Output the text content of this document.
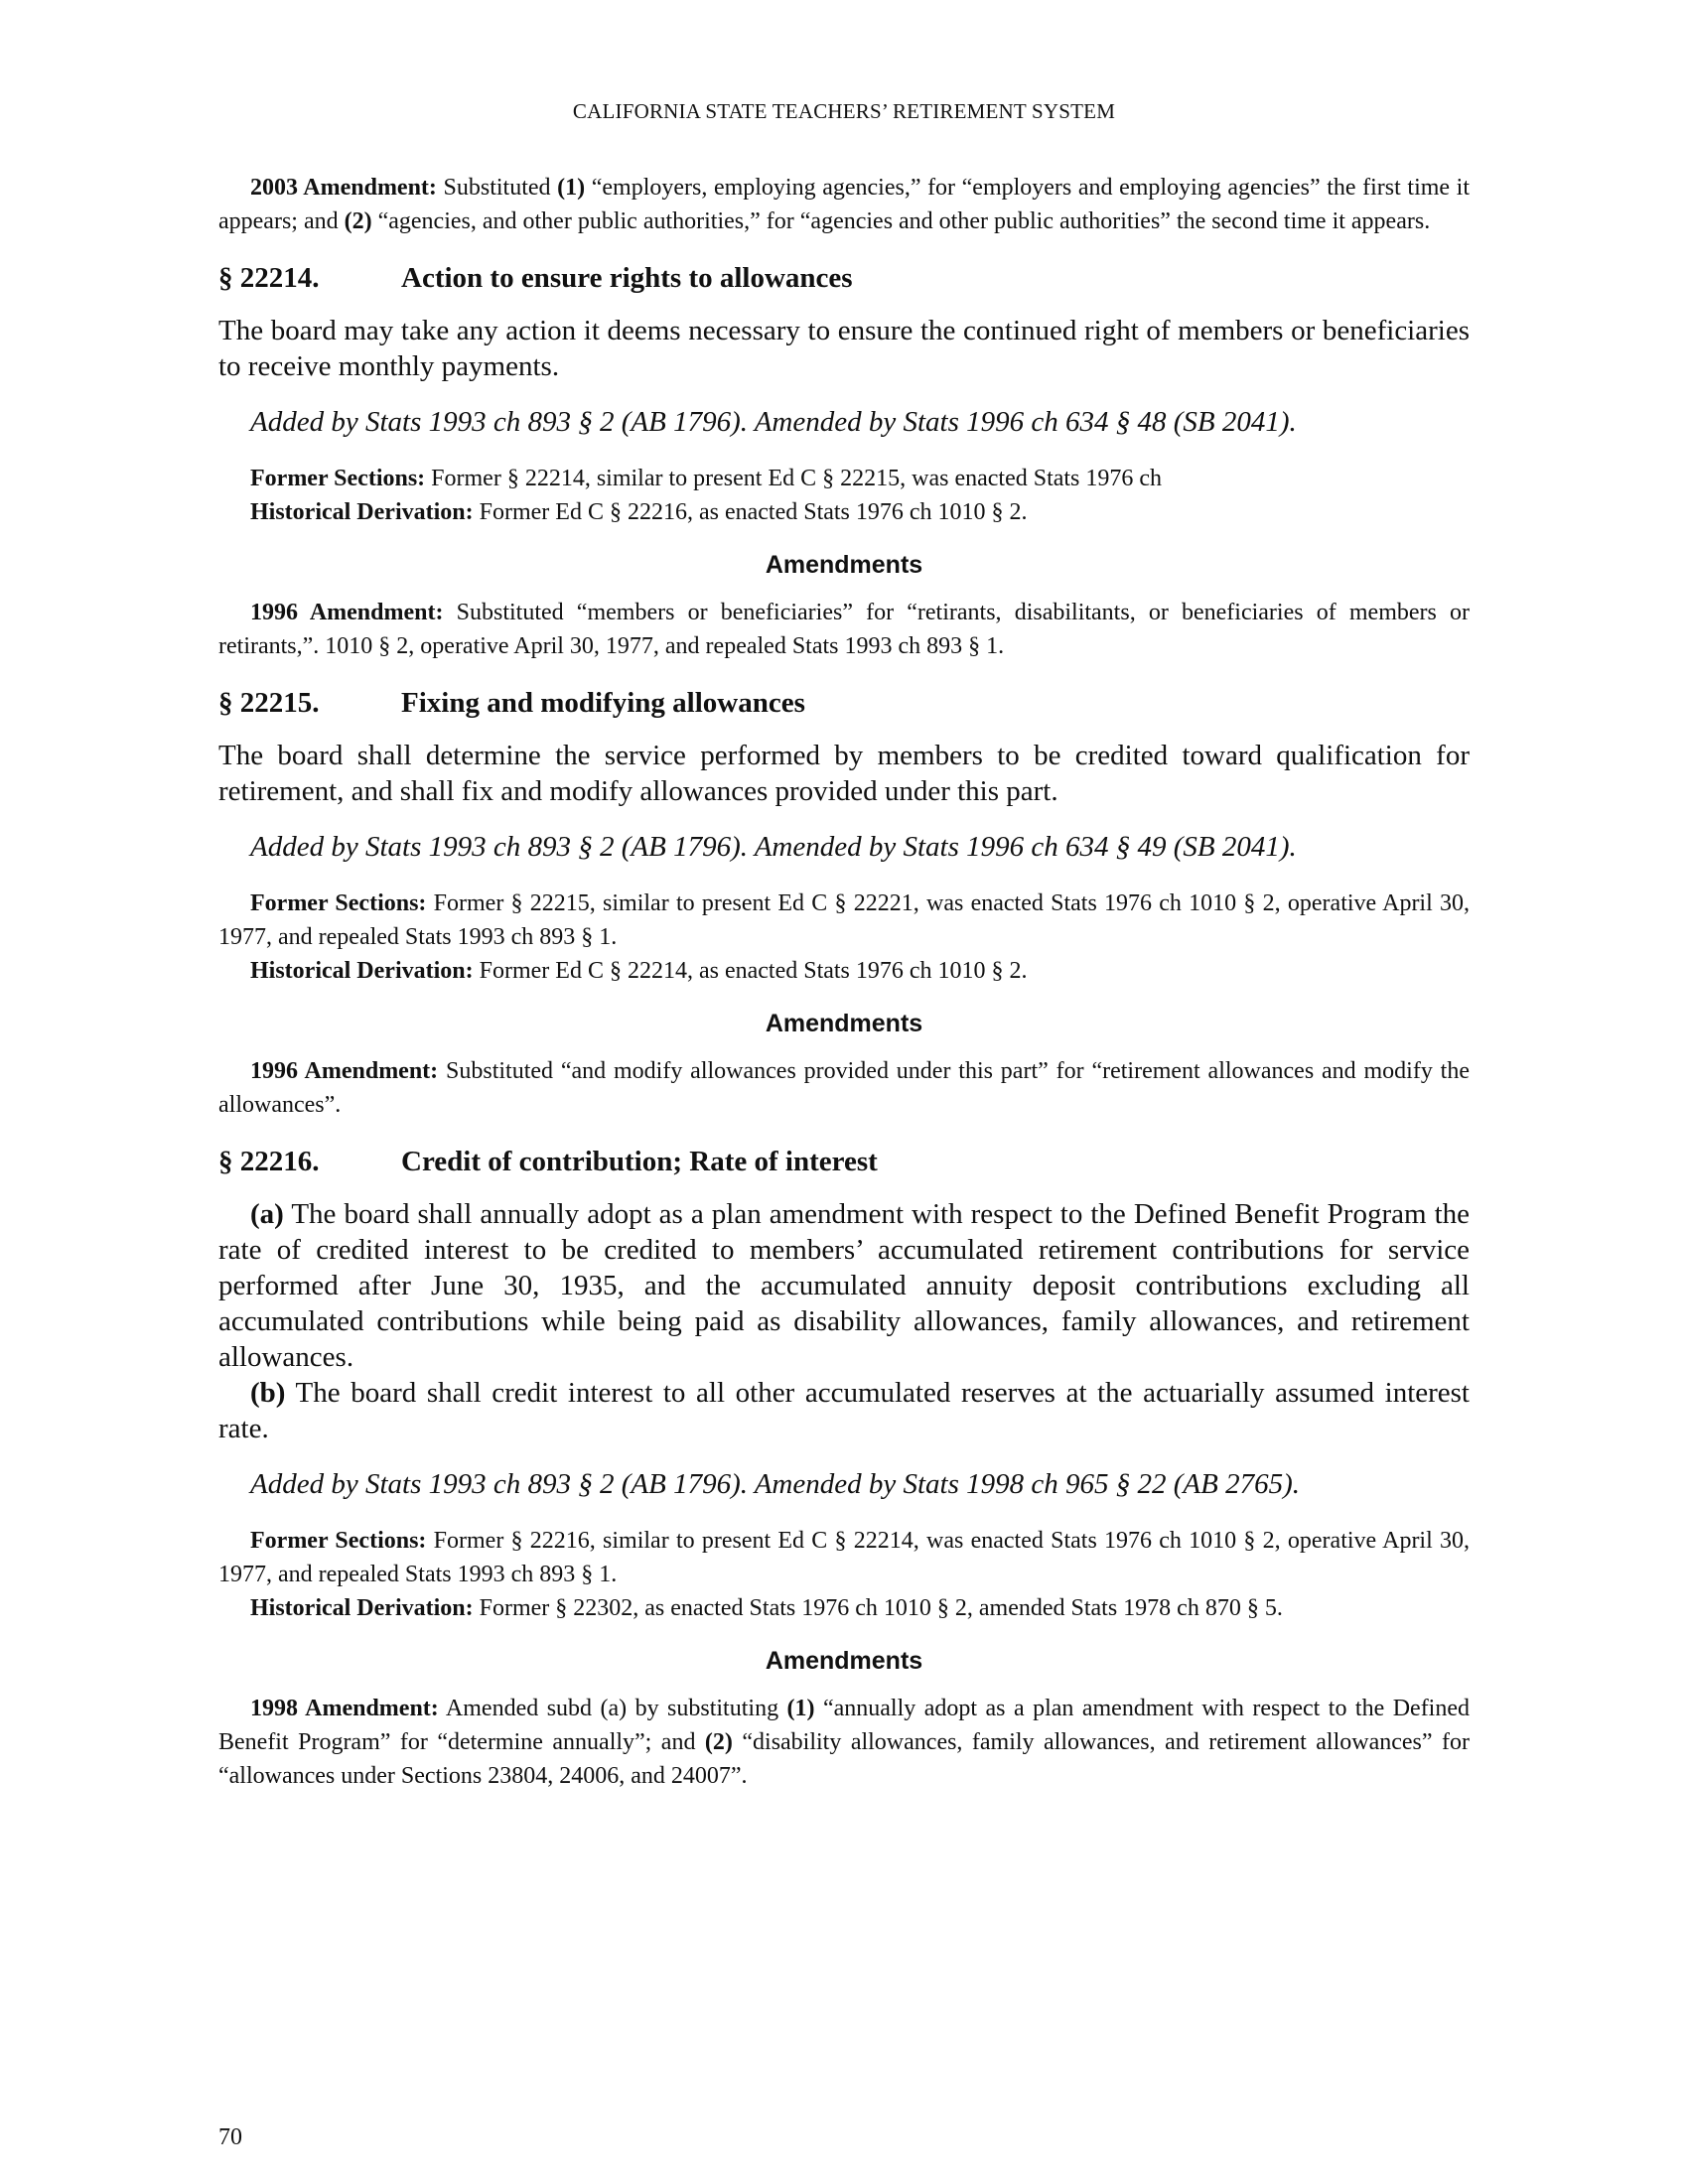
CALIFORNIA STATE TEACHERS’ RETIREMENT SYSTEM

2003 Amendment: Substituted (1) “employers, employing agencies,” for “employers and employing agencies” the first time it appears; and (2) “agencies, and other public authorities,” for “agencies and other public authorities” the second time it appears.

§ 22214.	Action to ensure rights to allowances

The board may take any action it deems necessary to ensure the continued right of members or beneficiaries to receive monthly payments.

Added by Stats 1993 ch 893 § 2 (AB 1796). Amended by Stats 1996 ch 634 § 48 (SB 2041).

Former Sections: Former § 22214, similar to present Ed C § 22215, was enacted Stats 1976 ch
Historical Derivation: Former Ed C § 22216, as enacted Stats 1976 ch 1010 § 2.
Amendments

1996 Amendment: Substituted “members or beneficiaries” for “retirants, disabilitants, or beneficiaries of members or retirants,”. 1010 § 2, operative April 30, 1977, and repealed Stats 1993 ch 893 § 1.

§ 22215.	Fixing and modifying allowances

The board shall determine the service performed by members to be credited toward qualification for retirement, and shall fix and modify allowances provided under this part.

Added by Stats 1993 ch 893 § 2 (AB 1796). Amended by Stats 1996 ch 634 § 49 (SB 2041).

Former Sections: Former § 22215, similar to present Ed C § 22221, was enacted Stats 1976 ch 1010 § 2, operative April 30, 1977, and repealed Stats 1993 ch 893 § 1.

Historical Derivation: Former Ed C § 22214, as enacted Stats 1976 ch 1010 § 2.
Amendments

1996 Amendment: Substituted “and modify allowances provided under this part” for “retirement allowances and modify the allowances”.

§ 22216.	Credit of contribution; Rate of interest

(a) The board shall annually adopt as a plan amendment with respect to the Defined Benefit Program the rate of credited interest to be credited to members’ accumulated retirement contributions for service performed after June 30, 1935, and the accumulated annuity deposit contributions excluding all accumulated contributions while being paid as disability allowances, family allowances, and retirement allowances.

(b) The board shall credit interest to all other accumulated reserves at the actuarially assumed interest rate.

Added by Stats 1993 ch 893 § 2 (AB 1796). Amended by Stats 1998 ch 965 § 22 (AB 2765).

Former Sections: Former § 22216, similar to present Ed C § 22214, was enacted Stats 1976 ch 1010 § 2, operative April 30, 1977, and repealed Stats 1993 ch 893 § 1.

Historical Derivation: Former § 22302, as enacted Stats 1976 ch 1010 § 2, amended Stats 1978 ch 870 § 5.
Amendments

1998 Amendment: Amended subd (a) by substituting (1) “annually adopt as a plan amendment with respect to the Defined Benefit Program” for “determine annually”; and (2) “disability allowances, family allowances, and retirement allowances” for “allowances under Sections 23804, 24006, and 24007”.

70
